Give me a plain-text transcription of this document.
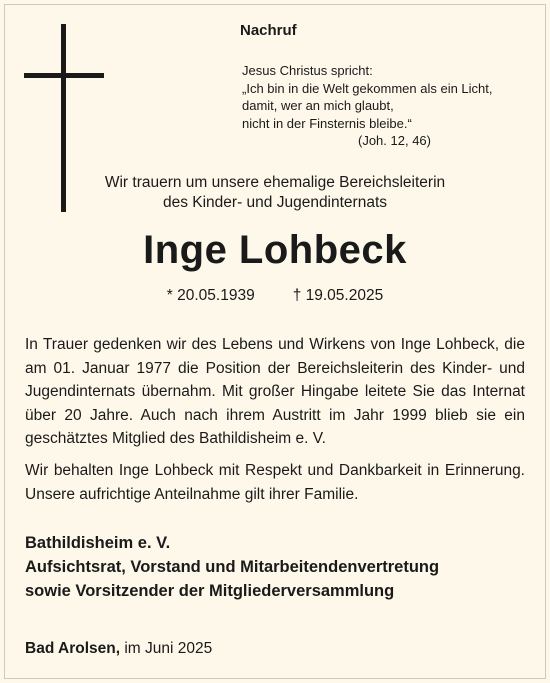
Nachruf
Jesus Christus spricht:
„Ich bin in die Welt gekommen als ein Licht,
damit, wer an mich glaubt,
nicht in der Finsternis bleibe.“
(Joh. 12, 46)
Wir trauern um unsere ehemalige Bereichsleiterin
des Kinder- und Jugendinternats
Inge Lohbeck
* 20.05.1939 † 19.05.2025
In Trauer gedenken wir des Lebens und Wirkens von Inge Lohbeck, die am 01. Januar 1977 die Position der Bereichsleiterin des Kinder- und Jugendinternats übernahm. Mit großer Hingabe leitete Sie das Internat über 20 Jahre. Auch nach ihrem Austritt im Jahr 1999 blieb sie ein geschätztes Mitglied des Bathildisheim e. V.
Wir behalten Inge Lohbeck mit Respekt und Dankbarkeit in Erinnerung. Unsere aufrichtige Anteilnahme gilt ihrer Familie.
Bathildisheim e. V.
Aufsichtsrat, Vorstand und Mitarbeitendenvertretung
sowie Vorsitzender der Mitgliederversammlung
Bad Arolsen, im Juni 2025
